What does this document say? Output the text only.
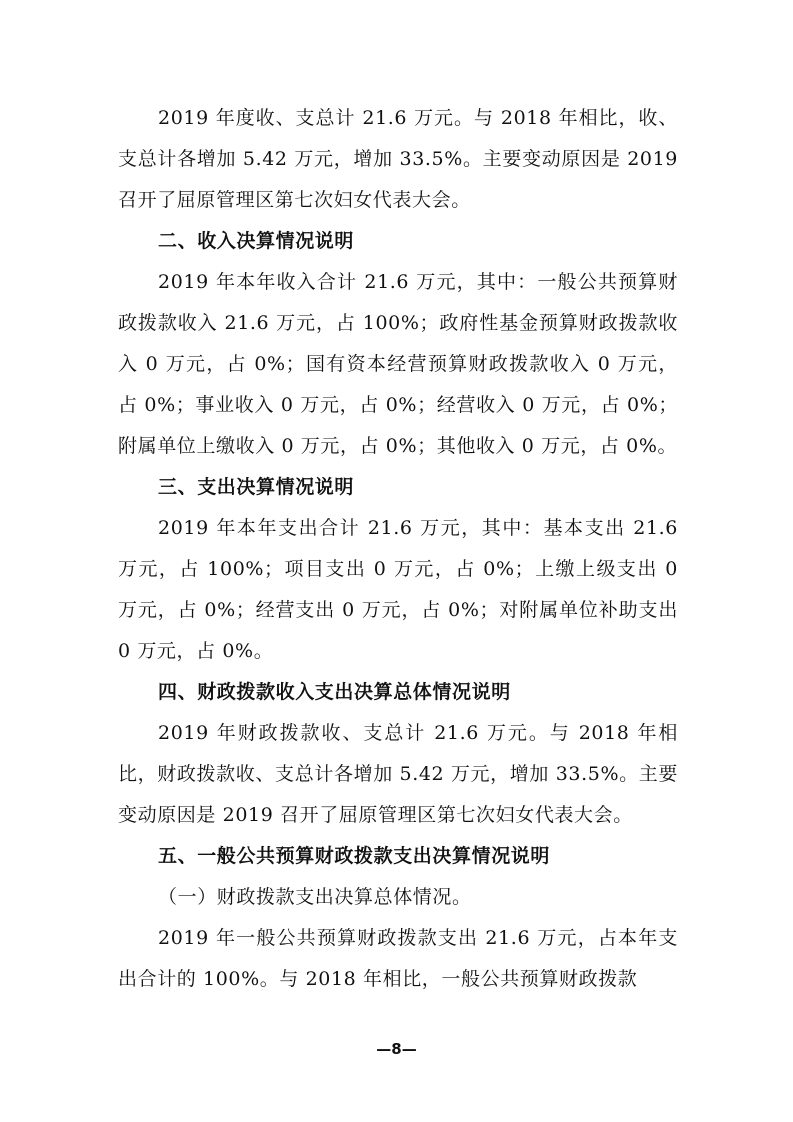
2019 年度收、支总计 21.6 万元。与 2018 年相比，收、支总计各增加 5.42 万元，增加 33.5%。主要变动原因是 2019 召开了屈原管理区第七次妇女代表大会。

二、收入决算情况说明

2019 年本年收入合计 21.6 万元，其中：一般公共预算财政拨款收入 21.6 万元，占 100%；政府性基金预算财政拨款收入 0 万元，占 0%；国有资本经营预算财政拨款收入 0 万元，占 0%；事业收入 0 万元，占 0%；经营收入 0 万元，占 0%；附属单位上缴收入 0 万元，占 0%；其他收入 0 万元，占 0%。

三、支出决算情况说明

2019 年本年支出合计 21.6 万元，其中：基本支出 21.6 万元，占 100%；项目支出 0 万元，占 0%；上缴上级支出 0 万元，占 0%；经营支出 0 万元，占 0%；对附属单位补助支出 0 万元，占 0%。

四、财政拨款收入支出决算总体情况说明

2019 年财政拨款收、支总计 21.6 万元。与 2018 年相比，财政拨款收、支总计各增加 5.42 万元，增加 33.5%。主要变动原因是 2019 召开了屈原管理区第七次妇女代表大会。

五、一般公共预算财政拨款支出决算情况说明

（一）财政拨款支出决算总体情况。

2019 年一般公共预算财政拨款支出 21.6 万元，占本年支出合计的 100%。与 2018 年相比，一般公共预算财政拨款

—8—
